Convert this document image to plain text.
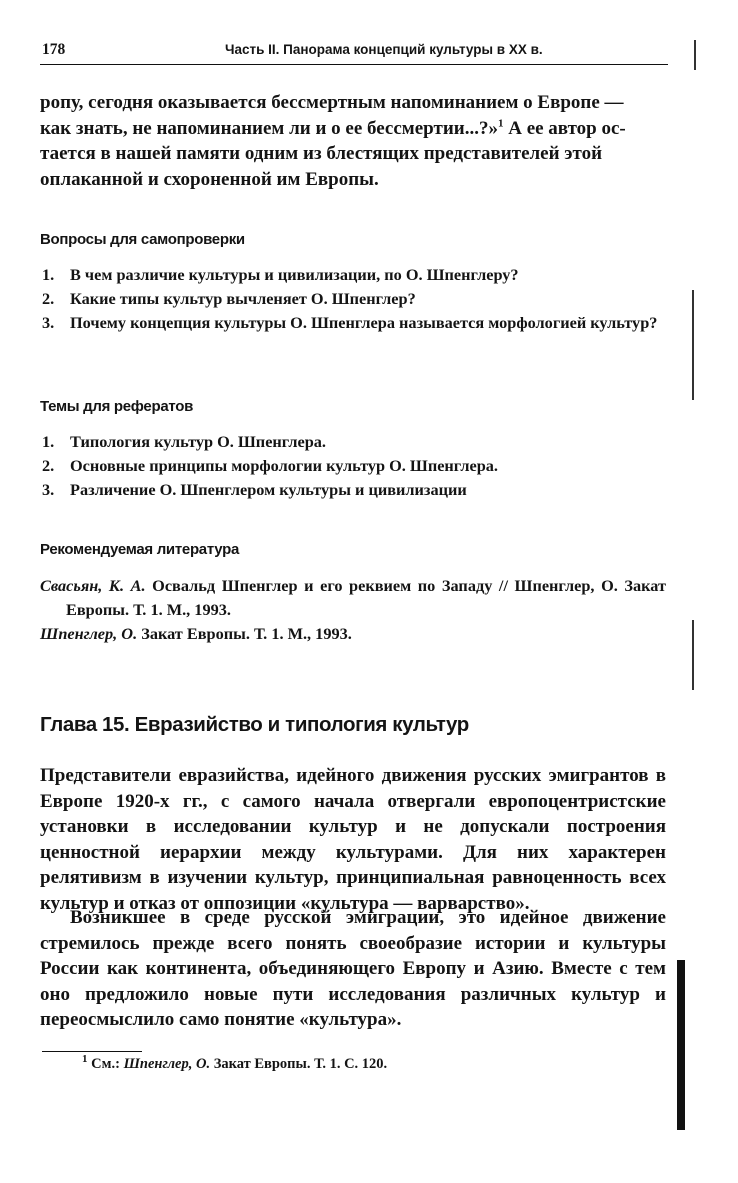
178	Часть II. Панорама концепций культуры в XX в.
ропу, сегодня оказывается бессмертным напоминанием о Европе —
как знать, не напоминанием ли и о ее бессмертии...?»$^1$ А ее автор ос-
тается в нашей памяти одним из блестящих представителей этой
оплаканной и схороненной им Европы.
Вопросы для самопроверки
1. В чем различие культуры и цивилизации, по О. Шпенглеру?
2. Какие типы культур вычленяет О. Шпенглер?
3. Почему концепция культуры О. Шпенглера называется морфологией культур?
Темы для рефератов
1. Типология культур О. Шпенглера.
2. Основные принципы морфологии культур О. Шпенглера.
3. Различение О. Шпенглером культуры и цивилизации
Рекомендуемая литература
Свасьян, К. А. Освальд Шпенглер и его реквием по Западу // Шпенглер, О. Закат Европы. Т. 1. М., 1993.
Шпенглер, О. Закат Европы. Т. 1. М., 1993.
Глава 15. Евразийство и типология культур

Представители евразийства, идейного движения русских эмигрантов в Европе 1920-х гг., с самого начала отвергали европоцентристские установки в исследовании культур и не допускали построения ценностной иерархии между культурами. Для них характерен релятивизм в изучении культур, принципиальная равноценность всех культур и отказ от оппозиции «культура — варварство».

Возникшее в среде русской эмиграции, это идейное движение стремилось прежде всего понять своеобразие истории и культуры России как континента, объединяющего Европу и Азию. Вместе с тем оно предложило новые пути исследования различных культур и переосмыслило само понятие «культура».

$^1$ См.: Шпенглер, О. Закат Европы. Т. 1. С. 120.
